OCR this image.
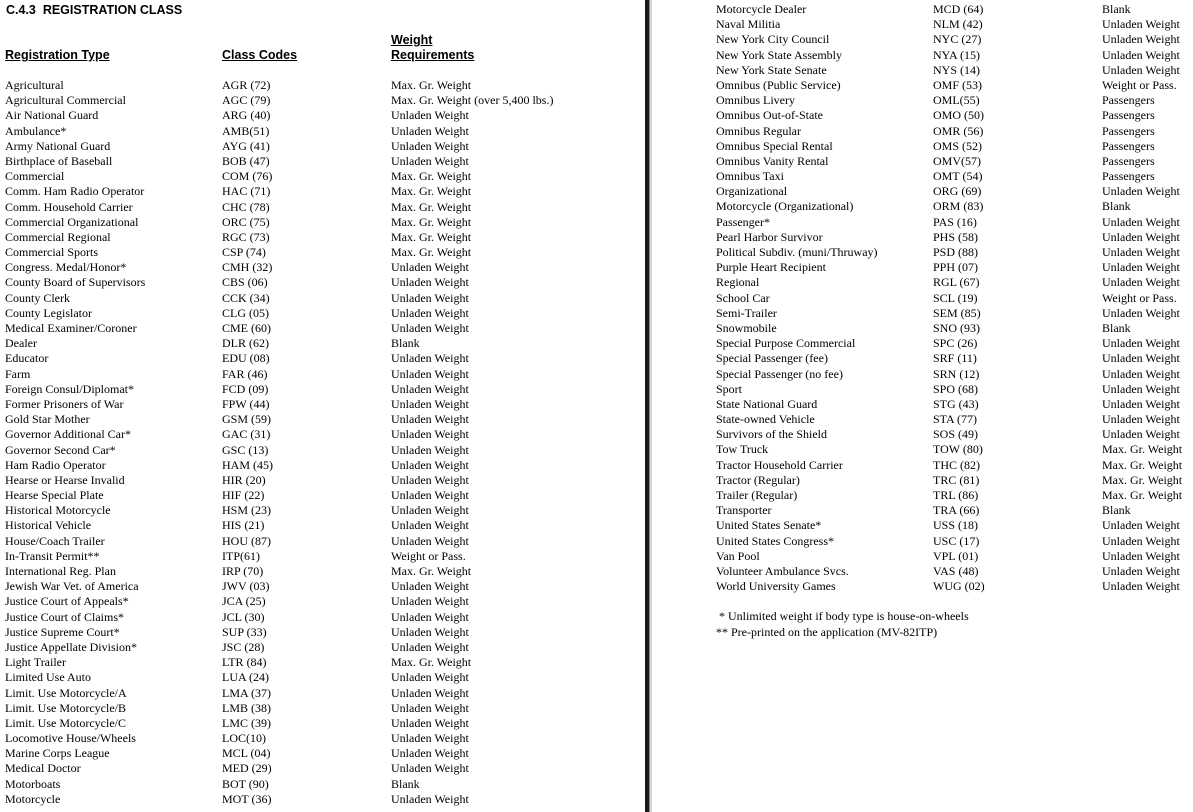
C.4.3  REGISTRATION CLASS
Registration Type	Class Codes
Weight
Requirements
Agricultural	AGR (72)	Max. Gr. Weight
Agricultural Commercial	AGC (79)	Max. Gr. Weight (over 5,400 lbs.)
Air National Guard	ARG (40)	Unladen Weight
Ambulance*	AMB(51)	Unladen Weight
Army National Guard	AYG (41)	Unladen Weight
Birthplace of Baseball	BOB (47)	Unladen Weight
Commercial	COM (76)	Max. Gr. Weight
Comm. Ham Radio Operator	HAC (71)	Max. Gr. Weight
Comm. Household Carrier	CHC (78)	Max. Gr. Weight
Commercial Organizational	ORC (75)	Max. Gr. Weight
Commercial Regional	RGC (73)	Max. Gr. Weight
Commercial Sports	CSP (74)	Max. Gr. Weight
Congress. Medal/Honor*	CMH (32)	Unladen Weight
County Board of Supervisors	CBS (06)	Unladen Weight
County Clerk	CCK (34)	Unladen Weight
County Legislator	CLG (05)	Unladen Weight
Medical Examiner/Coroner	CME (60)	Unladen Weight
Dealer	DLR (62)	Blank
Educator	EDU (08)	Unladen Weight
Farm	FAR (46)	Unladen Weight
Foreign Consul/Diplomat*	FCD (09)	Unladen Weight
Former Prisoners of War	FPW (44)	Unladen Weight
Gold Star Mother	GSM (59)	Unladen Weight
Governor Additional Car*	GAC (31)	Unladen Weight
Governor Second Car*	GSC (13)	Unladen Weight
Ham Radio Operator	HAM (45)	Unladen Weight
Hearse or Hearse Invalid	HIR (20)	Unladen Weight
Hearse Special Plate	HIF (22)	Unladen Weight
Historical Motorcycle	HSM (23)	Unladen Weight
Historical Vehicle	HIS (21)	Unladen Weight
House/Coach Trailer	HOU (87)	Unladen Weight
In-Transit Permit**	ITP(61)	Weight or Pass.
International Reg. Plan	IRP (70)	Max. Gr. Weight
Jewish War Vet. of America	JWV (03)	Unladen Weight
Justice Court of Appeals*	JCA (25)	Unladen Weight
Justice Court of Claims*	JCL (30)	Unladen Weight
Justice Supreme Court*	SUP (33)	Unladen Weight
Justice Appellate Division*	JSC (28)	Unladen Weight
Light Trailer	LTR (84)	Max. Gr. Weight
Limited Use Auto	LUA (24)	Unladen Weight
Limit. Use Motorcycle/A	LMA (37)	Unladen Weight
Limit. Use Motorcycle/B	LMB (38)	Unladen Weight
Limit. Use Motorcycle/C	LMC (39)	Unladen Weight
Locomotive House/Wheels	LOC(10)	Unladen Weight
Marine Corps League	MCL (04)	Unladen Weight
Medical Doctor	MED (29)	Unladen Weight
Motorboats	BOT (90)	Blank
Motorcycle	MOT (36)	Unladen Weight
Motorcycle Dealer	MCD (64)	Blank
Naval Militia	NLM (42)	Unladen Weight
New York City Council	NYC (27)	Unladen Weight
New York State Assembly	NYA (15)	Unladen Weight
New York State Senate	NYS (14)	Unladen Weight
Omnibus (Public Service)	OMF (53)	Weight or Pass.
Omnibus Livery	OML(55)	Passengers
Omnibus Out-of-State	OMO (50)	Passengers
Omnibus Regular	OMR (56)	Passengers
Omnibus Special Rental	OMS (52)	Passengers
Omnibus Vanity Rental	OMV(57)	Passengers
Omnibus Taxi	OMT (54)	Passengers
Organizational	ORG (69)	Unladen Weight
Motorcycle (Organizational)	ORM (83)	Blank
Passenger*	PAS (16)	Unladen Weight
Pearl Harbor Survivor	PHS (58)	Unladen Weight
Political Subdiv. (muni/Thruway)	PSD (88)	Unladen Weight
Purple Heart Recipient	PPH (07)	Unladen Weight
Regional	RGL (67)	Unladen Weight
School Car	SCL (19)	Weight or Pass.
Semi-Trailer	SEM (85)	Unladen Weight
Snowmobile	SNO (93)	Blank
Special Purpose Commercial	SPC (26)	Unladen Weight
Special Passenger (fee)	SRF (11)	Unladen Weight
Special Passenger (no fee)	SRN (12)	Unladen Weight
Sport	SPO (68)	Unladen Weight
State National Guard	STG (43)	Unladen Weight
State-owned Vehicle	STA (77)	Unladen Weight
Survivors of the Shield	SOS (49)	Unladen Weight
Tow Truck	TOW (80)	Max. Gr. Weight
Tractor Household Carrier	THC (82)	Max. Gr. Weight
Tractor (Regular)	TRC (81)	Max. Gr. Weight
Trailer (Regular)	TRL (86)	Max. Gr. Weight
Transporter	TRA (66)	Blank
United States Senate*	USS (18)	Unladen Weight
United States Congress*	USC (17)	Unladen Weight
Van Pool	VPL (01)	Unladen Weight
Volunteer Ambulance Svcs.	VAS (48)	Unladen Weight
World University Games	WUG (02)	Unladen Weight
* Unlimited weight if body type is house-on-wheels
** Pre-printed on the application (MV-82ITP)
